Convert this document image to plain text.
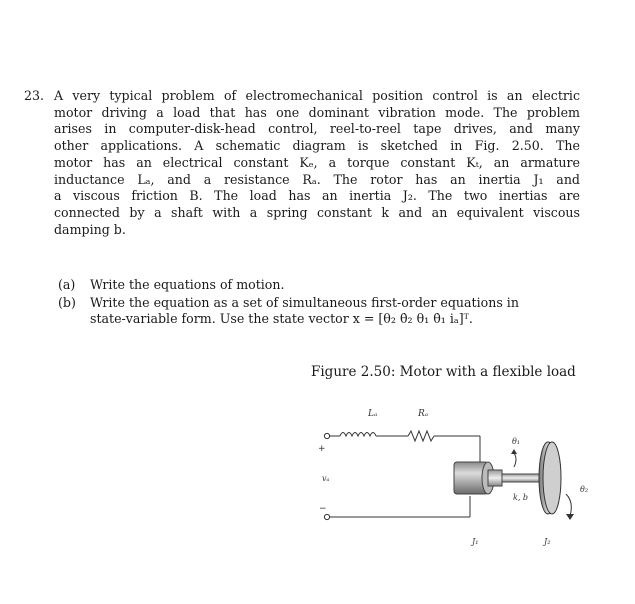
23. A very typical problem of electromechanical position control is an electric
motor driving a load that has one dominant vibration mode. The problem
arises in computer-disk-head control, reel-to-reel tape drives, and many
other applications. A schematic diagram is sketched in Fig. 2.50. The
motor has an electrical constant Kₑ, a torque constant Kₜ, an armature
inductance Lₐ, and a resistance Rₐ. The rotor has an inertia J₁ and
a viscous friction B. The load has an inertia J₂. The two inertias are
connected by a shaft with a spring constant k and an equivalent viscous
damping b.
(a) Write the equations of motion.
(b) Write the equation as a set of simultaneous first-order equations in
state-variable form. Use the state vector x = [θ₂ θ̇₂ θ₁ θ̇₁ iₐ]ᵀ.
Figure 2.50: Motor with a flexible load
Lₐ	Rₐ
+
−
vₐ
θ₁
θ₂
k, b
J₁	J₂
